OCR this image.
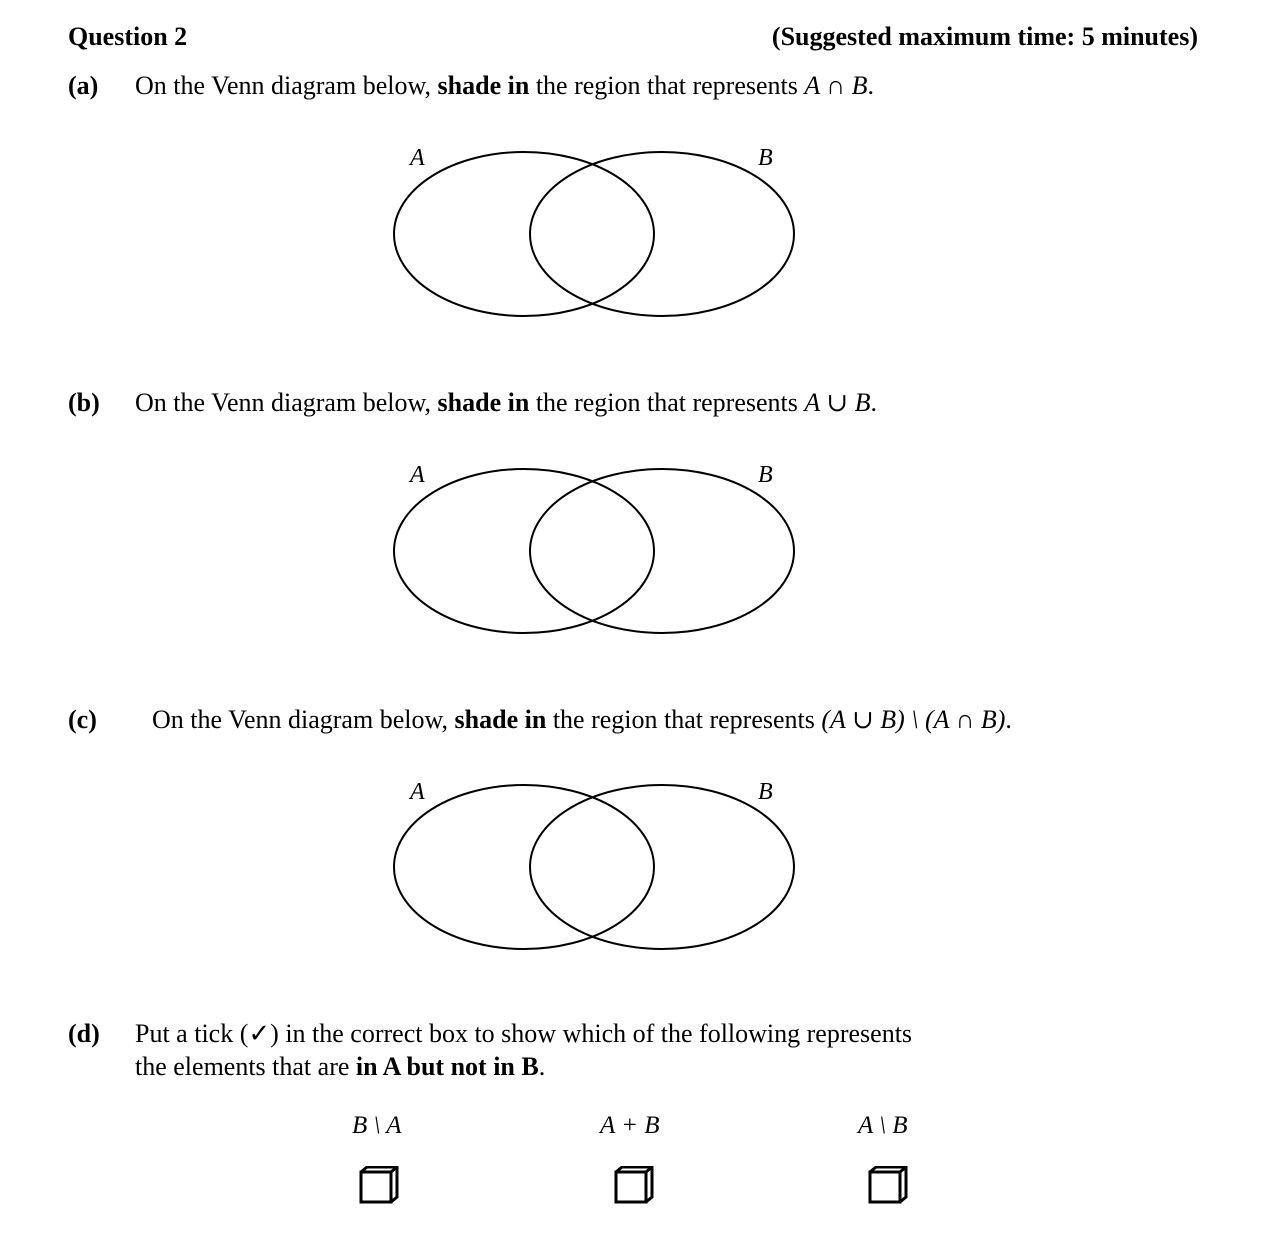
Question 2	(Suggested maximum time: 5 minutes)
(a) On the Venn diagram below, shade in the region that represents A ∩ B.
A	B
(b) On the Venn diagram below, shade in the region that represents A ∪ B.
A	B
(c) On the Venn diagram below, shade in the region that represents (A ∪ B) \ (A ∩ B).
A	B
(d) Put a tick (✓) in the correct box to show which of the following represents
the elements that are in A but not in B.
B \ A	A + B	A \ B
